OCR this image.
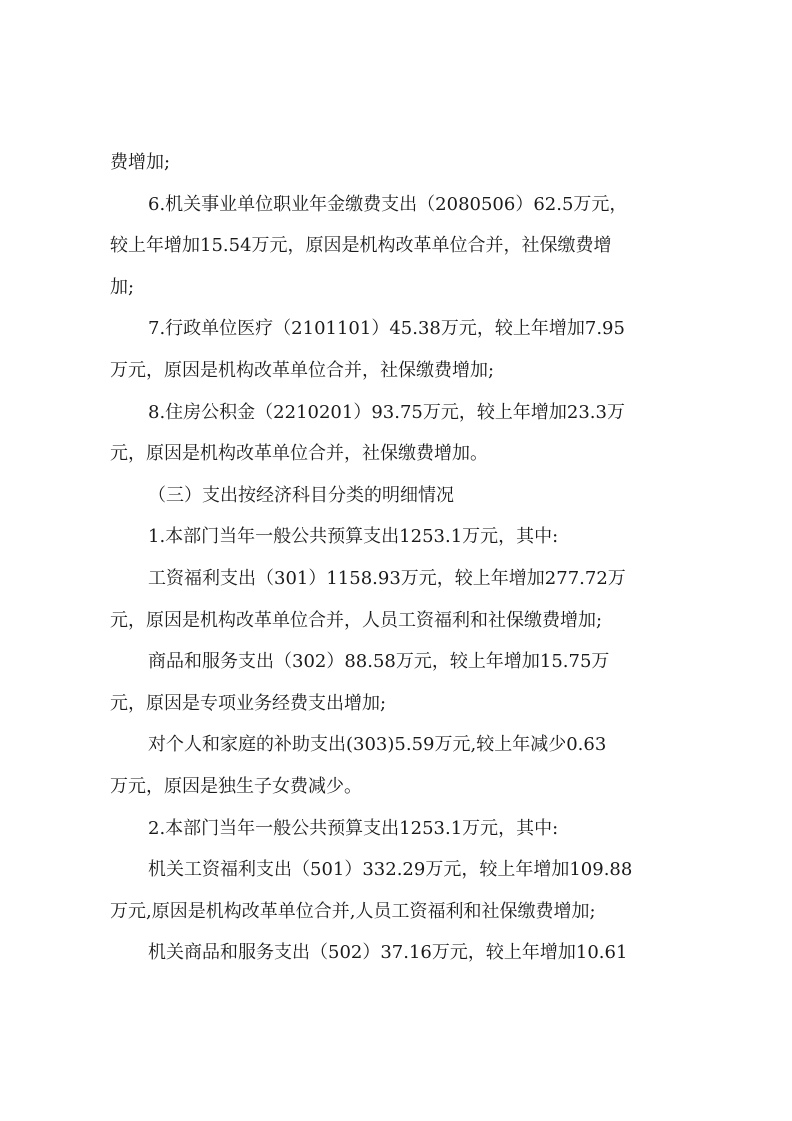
费增加;
6.机关事业单位职业年金缴费支出（2080506）62.5万元，
较上年增加15.54万元，原因是机构改革单位合并，社保缴费增
加;
7.行政单位医疗（2101101）45.38万元，较上年增加7.95
万元，原因是机构改革单位合并，社保缴费增加;
8.住房公积金（2210201）93.75万元，较上年增加23.3万
元，原因是机构改革单位合并，社保缴费增加。
（三）支出按经济科目分类的明细情况
1.本部门当年一般公共预算支出1253.1万元，其中:
工资福利支出（301）1158.93万元，较上年增加277.72万
元，原因是机构改革单位合并，人员工资福利和社保缴费增加;
商品和服务支出（302）88.58万元，较上年增加15.75万
元，原因是专项业务经费支出增加;
对个人和家庭的补助支出(303)5.59万元,较上年减少0.63
万元，原因是独生子女费减少。
2.本部门当年一般公共预算支出1253.1万元，其中:
机关工资福利支出（501）332.29万元，较上年增加109.88
万元,原因是机构改革单位合并,人员工资福利和社保缴费增加;
机关商品和服务支出（502）37.16万元，较上年增加10.61
